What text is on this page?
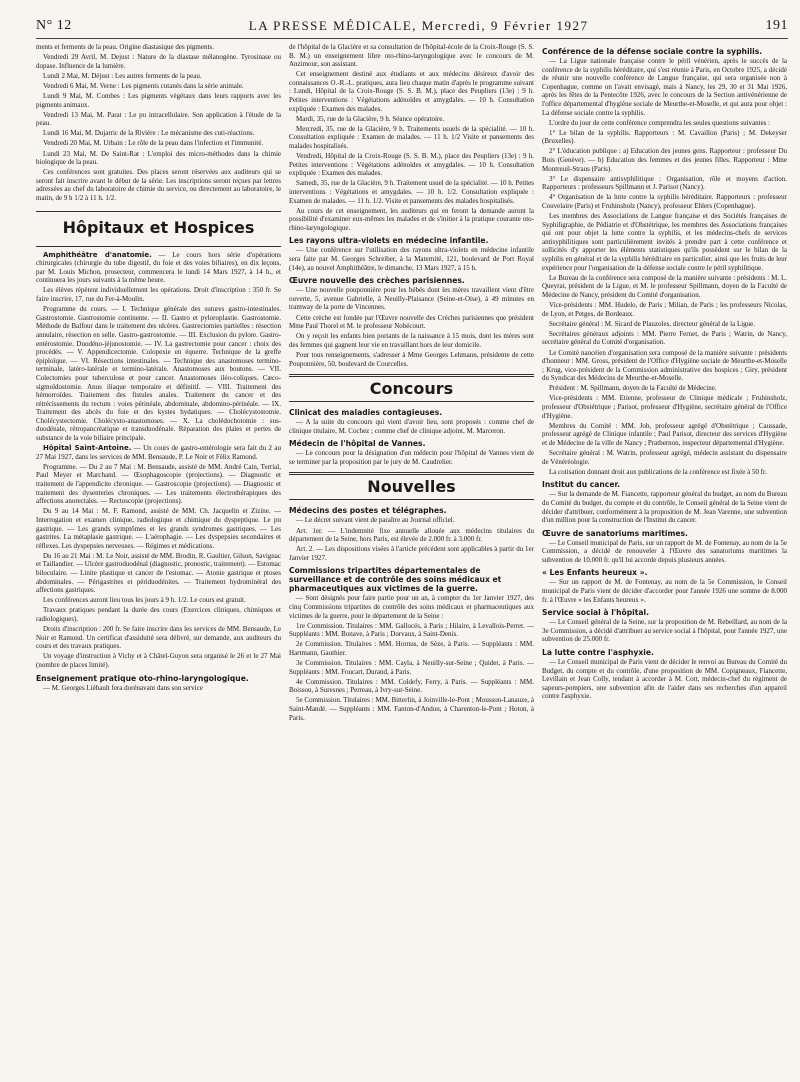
N° 12	LA PRESSE MÉDICALE, Mercredi, 9 Février 1927	191

ments et ferments de la peau. Origine diastasique des pigments.

Vendredi 29 Avril, M. Dejust : Nature de la diastase mélanogène. Tyrosinase ou dopase. Influence de la lumière.

Lundi 2 Mai, M. Déjust : Les autres ferments de la peau.

Vendredi 6 Mai, M. Verne : Les pigments cutanés dans la série animale.

Lundi 9 Mai, M. Combes : Les pigments végétaux dans leurs rapports avec les pigments animaux.

Vendredi 13 Mai, M. Parat : Le pu intracellulaire. Son application à l'étude de la peau.

Lundi 16 Mai, M. Dujarric de la Rivière : Le mécanisme des cuti-réactions.

Vendredi 20 Mai, M. Urbain : Le rôle de la peau dans l'infection et l'immunité.

Lundi 23 Mai, M. De Saint-Rat : L'emploi des micro-méthodes dans la chimie biologique de la peau.

Ces conférences sont gratuites. Des places seront réservées aux auditeurs qui se seront fait inscrire avant le début de la série. Les inscriptions seront reçues par lettres adressées au chef du laboratoire de chimie du service, ou directement au laboratoire, le matin, de 9 h 1/2 à 11 h. 1/2.

Hôpitaux et Hospices

Amphithéâtre d'anatomie. — Le cours hors série d'opérations chirurgicales (chirurgie du tube digestif, du foie et des voies biliaires), en dix leçons, par M. Louis Michon, prosecteur, commencera le lundi 14 Mars 1927, à 14 h., et continuera les jours suivants à la même heure.

Les élèves répètent individuellement les opérations. Droit d'inscription : 350 fr. Se faire inscrire, 17, rue du Fer-à-Moulin.

Programme du cours. — I. Technique générale des sutures gastro-intestinales. Gastrostomie. Gastrostomie continente. — II. Gastro et pyloroplastie. Gastrostomie. Méthode de Balfour dans le traitement des ulcères. Gastrectomies partielles : résection annulaire, résection en selle. Gastro-gastrostomie. — III. Exclusion du pylore. Gastro-entérostomie. Duodéno-jéjunostomie. — IV. La gastrectomie pour cancer : choix des procédés. — V. Appendicectomie. Colopexie en équerre. Technique de la greffe épiploïque. — VI. Résections intestinales. — Technique des anastomoses termino-terminale, latéro-latérale et termino-latérale. Anastomoses aux boutons. — VII. Colectomies pour tubercul​ose et pour cancer. Anastomoses iléo-coliques. Cæco-sigmoïdostomie. Anus iliaque temporaire et définitif. — VIII. Traitement des hémorroïdes. Traitement des fistules anales. Traitement du cancer et des rétrécissements du rectum : voies périnéale, abdominale, abdomino-périnéale. — IX. Traitement des abcès du foie et des kystes hydatiques. — Cholécystostomie. Cholécystectomie. Cholécysto-anastomoses. — X. La cholédochotomie : sus-duodénale, rétropancréatique et transduodénale. Réparation des plaies et pertes de substance de la voie biliaire principale.

Hôpital Saint-Antoine. — Un cours de gastro-entérologie sera fait du 2 au 27 Mai 1927, dans les services de MM. Bensaude, P. Le Noir et Félix Ramond.

Programme. — Du 2 au 7 Mai : M. Bensaude, assisté de MM. André Cain, Terrial, Paul Meyer et Marchand. — Œsophagoscopie (projections). — Diagnostic et traitement de l'appendicite chronique. — Gastroscopie (projections). — Diagnostic et traitement des dysenteries chroniques. — Les traitements électrothérapiques des affections anorectales. — Rectoscopie (projections).

Du 9 au 14 Mai : M. F. Ramond, assisté de MM. Ch. Jacquelin et Zizine. — Interrogation et examen clinique, radiologique et chimique du dyspeptique. Le pu gastrique. — Les grands symptômes et les grands syndromes gastriques. — Les gastrites. La métaplasie gastrique. — L'aérophagie. — Les dyspepsies secondaires et réflexes. Les dyspepsies nerveuses. — Régimes et médications.

Du 16 au 21 Mai : M. Le Noir, assisté de MM. Brodin, R. Gaultier, Gilson, Savignac et Taillandier. — Ulcère gastroduodénal (diagnostic, pronostic, traitement). — Estomac biloculaire. — Linite plastique et cancer de l'estomac. — Atonie gastrique et ptoses abdominales. — Périgastrites et périduodénites. — Traitement hydrominéral des affections gastriques.

Les conférences auront lieu tous les jours à 9 h. 1/2. Le cours est gratuit.

Travaux pratiques pendant la durée des cours (Exercices cliniques, chimiques et radiologiques).

Droits d'inscription : 200 fr. Se faire inscrire dans les services de MM. Bensaude, Le Noir et Ramond. Un certificat d'assiduité sera délivré, sur demande, aux auditeurs du cours et des travaux pratiques.

Un voyage d'instruction à Vichy et à Châtel-Guyon sera organisé le 26 et le 27 Mai (nombre de places limité).

Enseignement pratique oto-rhino-laryngologique.

— M. Georges Liébault fera dorénavant dans son service

de l'hôpital de la Glacière et sa consultation de l'hôpital-école de la Croix-Rouge (S. S. B. M.) un enseignement libre oto-rhino-laryngologique avec le concours de M. Anzimour, son assistant.

Cet enseignement destiné aux étudiants et aux médecins désireux d'avoir des connaissances O.-R.-L. pratiques, aura lieu chaque matin d'après le programme suivant : Lundi, Hôpital de la Croix-Rouge (S. S. B. M.), place des Peupliers (13e) : 9 h. Petites interventions : Végétations adénoïdes et amygdales. — 10 h. Consultation expliquée : Examen des malades.

Mardi, 35, rue de la Glacière, 9 h. Séance opératoire.

Mercredi, 35, rue de la Glacière, 9 h. Traitements usuels de la spécialité. — 10 h. Consultation expliquée : Examen de malades. — 11 h. 1/2 Visite et pansements des malades hospitalisés.

Vendredi, Hôpital de la Croix-Rouge (S. S. B. M.), place des Peupliers (13e) : 9 h. Petites interventions : Végétations adénoïdes et amygdales. — 10 h. Consultation expliquée : Examen des malades.

Samedi, 35, rue de la Glacière, 9 h. Traitement usuel de la spécialité. — 10 h. Petites interventions : Végétations et amygdales. — 10 h. 1/2. Consultation expliquée : Examen de malades. — 11 h. 1/2. Visite et pansements des malades hospitalisés.

Au cours de cet enseignement, les auditeurs qui en feront la demande auront la possibilité d'examiner eux-mêmes les malades et de s'initier à la pratique courante oto-rhino-laryngologique.

Les rayons ultra-violets en médecine infantile.

— Une conférence sur l'utilisation des rayons ultra-violets en médecine infantile sera faite par M. Georges Schreiber, à la Maternité, 121, boulevard de Port Royal (14e), au nouvel Amphithéâtre, le dimanche, 13 Mars 1927, à 15 h.

Œuvre nouvelle des crèches parisiennes.

— Une nouvelle pouponnière pour les bébés dont les mères travaillent vient d'être ouverte, 5, avenue Gabrielle, à Neuilly-Plaisance (Seine-et-Oise), à 49 minutes en tramway de la porte de Vincennes.

Cette crèche est fondée par l'Œuvre nouvelle des Crèches parisiennes que président Mme Paul Thorel et M. le professeur Nobécourt.

On y reçoit les enfants bien portants de la naissance à 15 mois, dont les mères sont des femmes qui gagnent leur vie en travaillant hors de leur domicile.

Pour tous renseignements, s'adresser à Mme Georges Lehmann, présidente de cette Pouponnière, 50, boulevard de Courcelles.

Concours
Clinicat des maladies contagieuses.

— A la suite du concours qui vient d'avoir lieu, sont proposés : comme chef de clinique titulaire, M. Cochez ; comme chef de clinique adjoint, M. Marceron.

Médecin de l'hôpital de Vannes.

— Le concours pour la désignation d'un médecin pour l'hôpital de Vannes vient de se terminer par la proposition par le jury de M. Caudrelier.

Nouvelles
Médecins des postes et télégraphes.

— Le décret suivant vient de paraître au Journal officiel.

Art. 1er. — L'indemnité fixe annuelle allouée aux médecins titulaires du département de la Seine, hors Paris, est élevée de 2.000 fr. à 3.000 fr.

Art. 2. — Les dispositions visées à l'article précédent sont applicables à partir du 1er Janvier 1927.

Commissions tripartites départementales de surveillance et de contrôle des soins médicaux et pharmaceutiques aux victimes de la guerre.

— Sont désignés pour faire partie pour un an, à compter du 1er Janvier 1927, des cinq Commissions tripartites de contrôle des soins médicaux et pharmaceutiques aux victimes de la guerre, pour le département de la Seine :

1re Commission. Titulaires : MM. Gallocés, à Paris ; Hilaire, à Levallois-Perret. — Suppléants : MM. Bonave, à Paris ; Dorvaux, à Saint-Denis.

2e Commission. Titulaires : MM. Hornus, de Sèze, à Paris. — Suppléants : MM. Hartmann, Gauthier.

3e Commission. Titulaires : MM. Cayla, à Neuilly-sur-Seine ; Quidet, à Paris. — Suppléants : MM. Foucart, Durand, à Paris.

4e Commission. Titulaires : MM. Coldefy, Ferry, à Paris. — Suppléants : MM. Boissou, à Suresnes ; Perreau, à Ivry-sur-Seine.

5e Commission. Titulaires : MM. Bitterlin, à Joinville-le-Pont ; Mousson-Lanauze, à Saint-Mandé. — Suppléants : MM. Fanton-d'Andon, à Charenton-le-Pont ; Hoton, à Paris.

Conférence de la défense sociale contre la syphilis.

— La Ligue nationale française contre le péril vénérien, après le succès de la conférence de la syphilis héréditaire, qui s'est réunie à Paris, en Octobre 1925, a décidé de réunir une nouvelle conférence de Langue française, qui sera organisée non à Copenhague, comme on l'avait envisagé, mais à Nancy, les 29, 30 et 31 Mai 1926, après les fêtes de la Pentecôte 1926, avec le concours de la Section antivénérienne de l'office départemental d'hygiène sociale de Meurthe-et-Moselle, et qui aura pour objet : La défense sociale contre la syphilis.

L'ordre du jour de cette conférence comprendra les seules questions suivantes :

1° Le bilan de la syphilis. Rapporteurs : M. Cavaillon (Paris) ; M. Dekeyser (Bruxelles).

2° L'éducation publique : a) Education des jeunes gens. Rapporteur : professeur Du Bois (Genève). — b) Education des femmes et des jeunes filles. Rapporteur : Mme Montreuil-Straus (Paris).

3° Le dispensaire antisyphilitique : Organisation, rôle et moyens d'action. Rapporteurs : professeurs Spillmann et J. Parisot (Nancy).

4° Organisation de la lutte contre la syphilis héréditaire. Rapporteurs : professeur Couvelaire (Paris) et Fruhinsholz (Nancy), professeur Ehlers (Copenhague).

Les membres des Associations de Langue française et des Sociétés françaises de Syphiligraphie, de Pédiatrie et d'Obstétrique, les membres des Associations françaises qui ont pour objet la lutte contre la syphilis, et les médecins-chefs de services antisyphilitiques sont particulièrement invités à prendre part à cette conférence et sollicités d'y apporter les éléments statistiques qu'ils possèdent sur le bilan de la syphilis en général et de la syphilis héréditaire en particulier, ainsi que les fruits de leur expérience pour l'organisation de la défense sociale contre le péril syphilitique.

Le Bureau de la conférence sera composé de la manière suivante : présidents : M. L. Queyrat, président de la Ligue, et M. le professeur Spillmann, doyen de la Faculté de Médecine de Nancy, président du Comité d'organisation.

Vice-présidents : MM. Hudelo, de Paris ; Milian, de Paris ; les professeurs Nicolas, de Lyon, et Petges, de Bordeaux.

Secrétaire général : M. Sicard de Plauzoles, directeur général de la Ligue.

Secrétaires généraux adjoints : MM. Pierre Fernet, de Paris ; Watrin, de Nancy, secrétaire général du Comité d'organisation.

Le Comité nancéien d'organisation sera composé de la manière suivante : présidents d'honneur : MM. Gross, président de l'Office d'Hygiène sociale de Meurthe-et-Moselle ; Krug, vice-président de la Commission administrative des hospices ; Giry, président du Syndicat des Médecins de Meurthe-et-Moselle.

Président : M. Spillmann, doyen de la Faculté de Médecine.

Vice-présidents : MM. Etienne, professeur de Clinique médicale ; Fruhinsholz, professeur d'Obstétrique ; Parisot, professeur d'Hygiène, secrétaire général de l'Office d'Hygiène.

Membres du Comité : MM. Job, professeur agrégé d'Obstétrique ; Caussade, professeur agrégé de Clinique infantile ; Paul Parisot, directeur des services d'Hygiène et de Médecine de la ville de Nancy ; Pratbernon, inspecteur départemental d'Hygiène.

Secrétaire général : M. Watrin, professeur agrégé, médecin assistant du dispensaire de Vénéréologie.

La cotisation donnant droit aux publications de la conférence est fixée à 50 fr.

Institut du cancer.

— Sur la demande de M. Fiancette, rapporteur général du budget, au nom du Bureau du Comité du budget, du compte et du contrôle, le Conseil général de la Seine vient de décider d'attribuer, conformément à la proposition de M. Jean Varenne, une subvention d'un million pour la construction de l'Institut du cancer.

Œuvre de sanatoriums maritimes.

— Le Conseil municipal de Paris, sur un rapport de M. de Fontenay, au nom de la 5e Commission, a décidé de renouveler à l'Œuvre des sanatoriums maritimes la subvention de 10.000 fr. qu'il lui accorde depuis plusieurs années.

« Les Enfants heureux ».

— Sur un rapport de M. de Fontenay, au nom de la 5e Commission, le Conseil municipal de Paris vient de décider d'accorder pour l'année 1926 une somme de 8.000 fr. à l'Œuvre « les Enfants heureux ».

Service social à l'hôpital.

— Le Conseil général de la Seine, sur la proposition de M. Rebeillard, au nom de la 3e Commission, a décidé d'attribuer au service social à l'hôpital, pour l'année 1927, une subvention de 25.000 fr.

La lutte contre l'asphyxie.

— Le Conseil municipal de Paris vient de décider le renvoi au Bureau du Comité du Budget, du compte et du contrôle, d'une proposition de MM. Copigneaux, Fiancette, Levillain et Jean Colly, tendant à accorder à M. Cott, médecin-chef du régiment de sapeurs-pompiers, une subvention afin de l'aider dans ses recherches d'un appareil contre l'asphyxie.
